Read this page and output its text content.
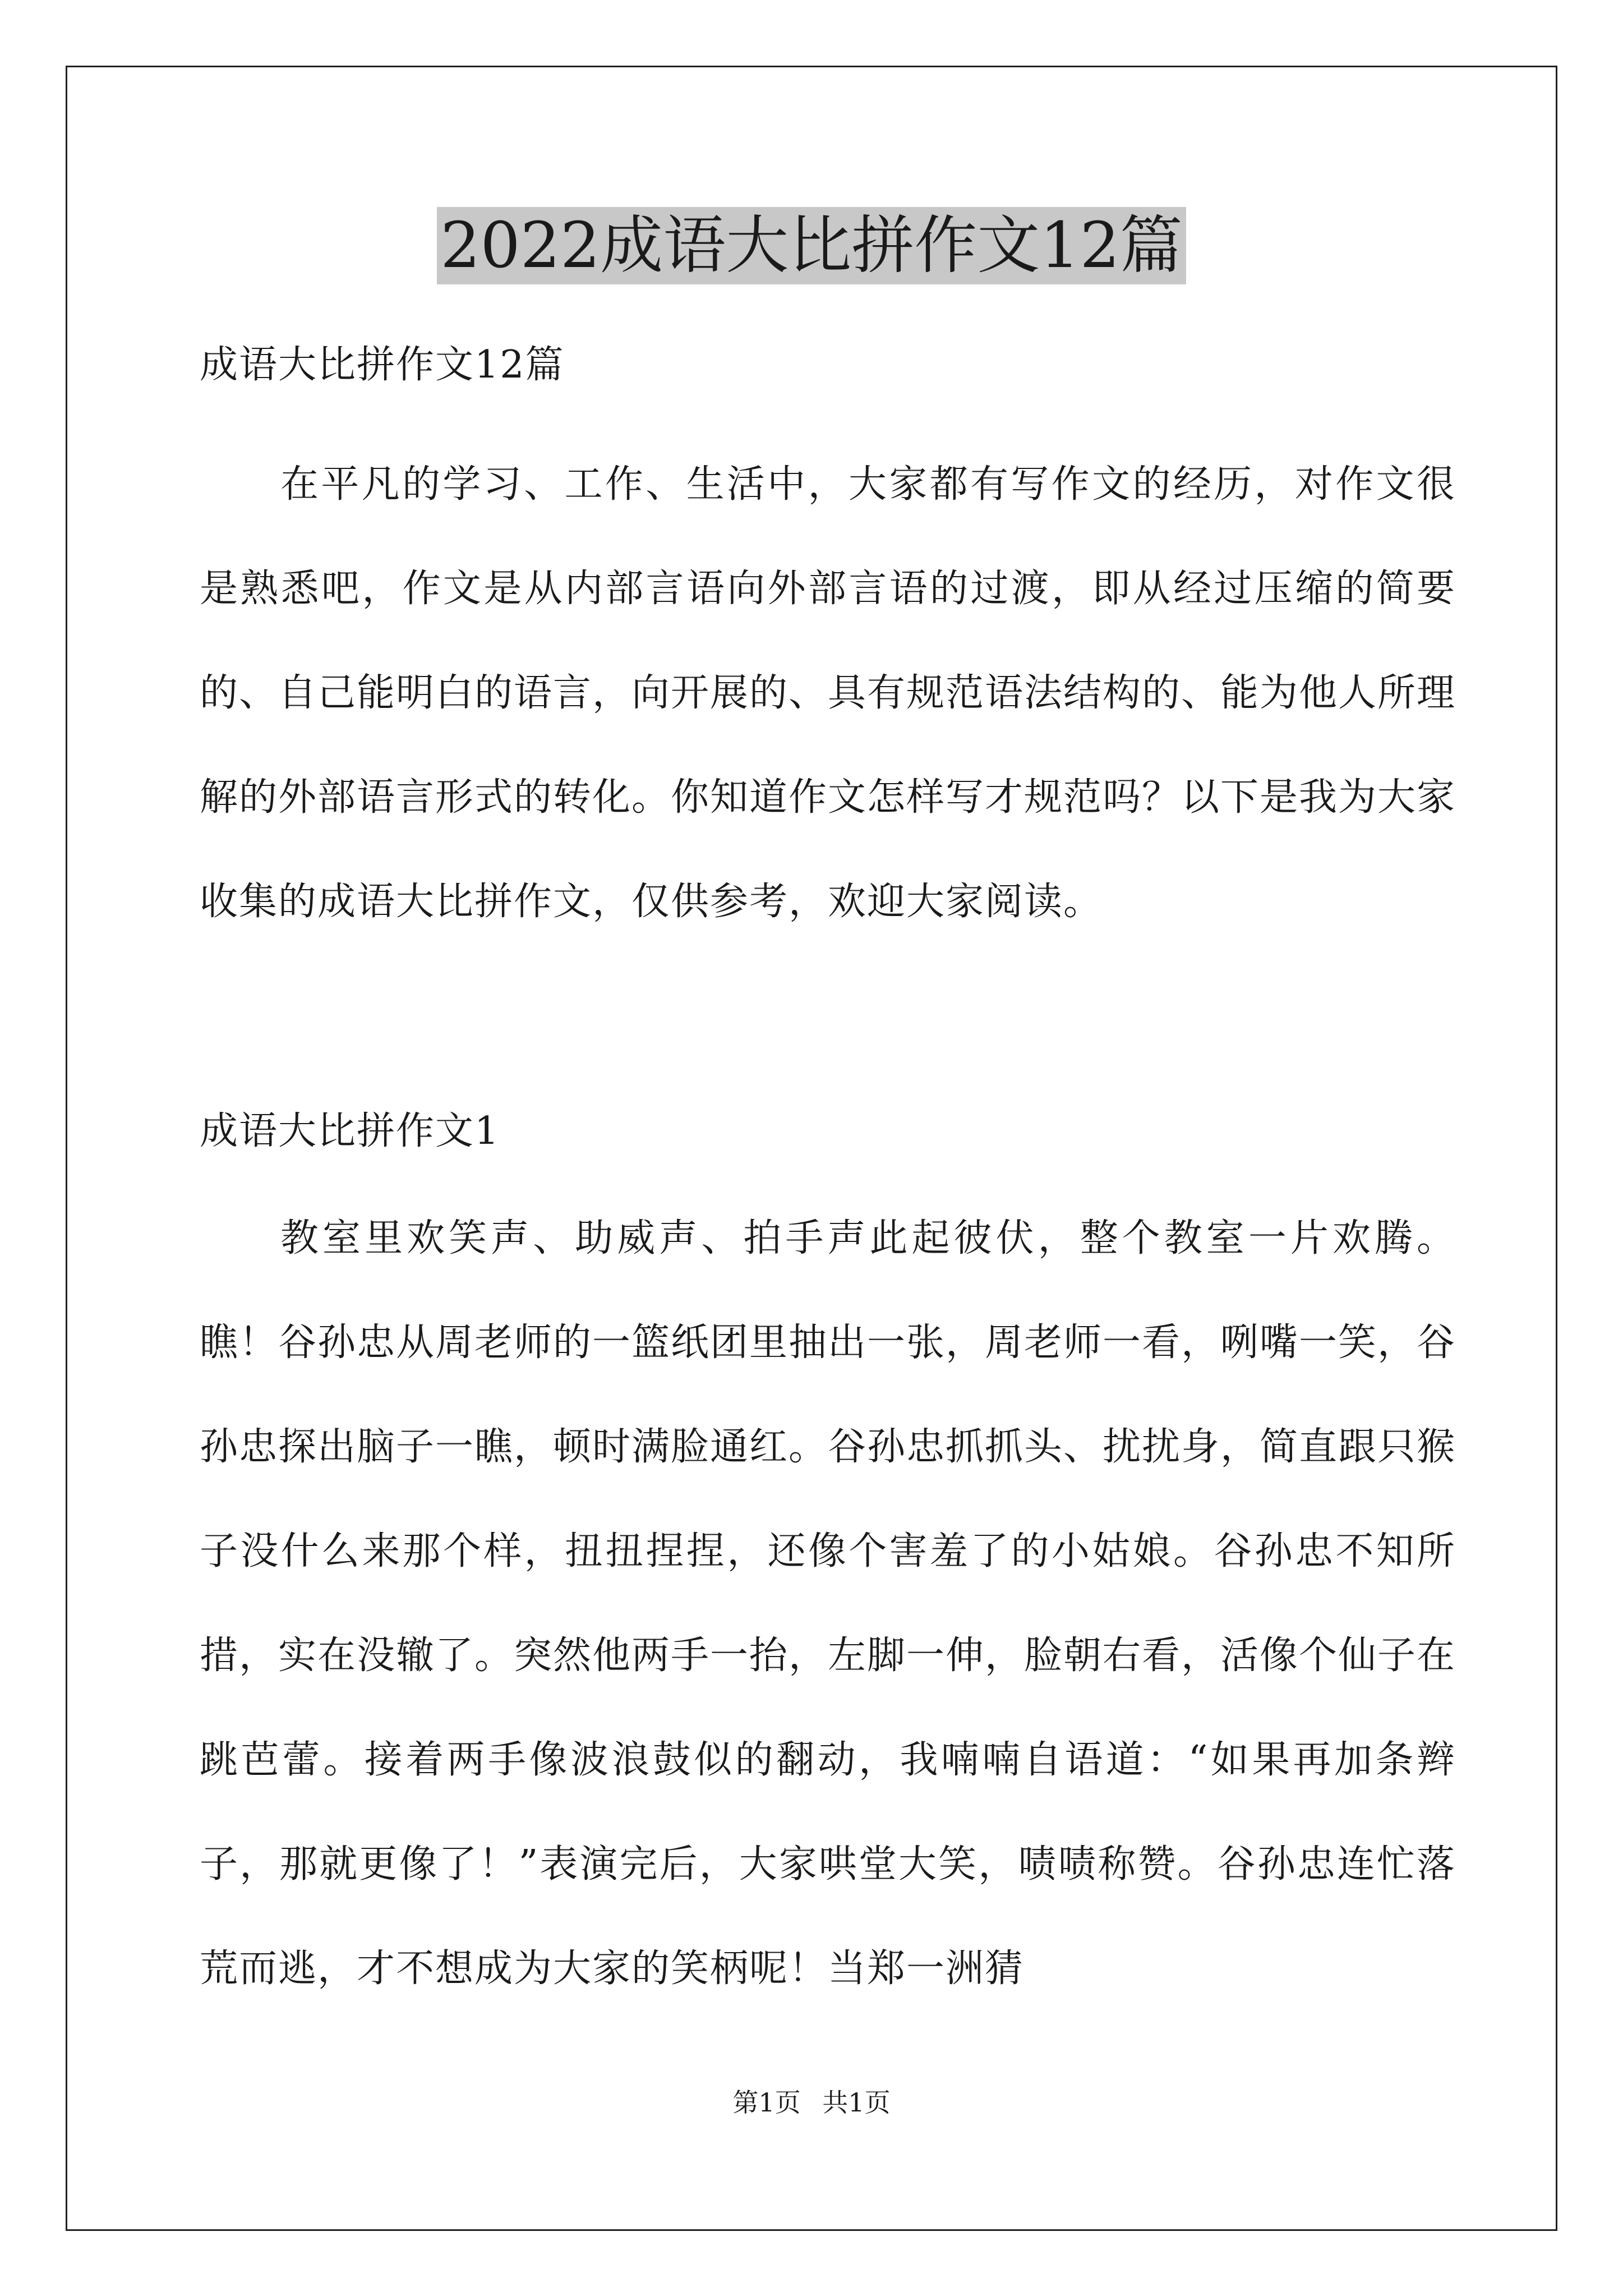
2022成语大比拼作文12篇

成语大比拼作文12篇

在平凡的学习、工作、生活中，大家都有写作文的经历，对作文很是熟悉吧，作文是从内部言语向外部言语的过渡，即从经过压缩的简要的、自己能明白的语言，向开展的、具有规范语法结构的、能为他人所理解的外部语言形式的转化。你知道作文怎样写才规范吗？以下是我为大家收集的成语大比拼作文，仅供参考，欢迎大家阅读。

成语大比拼作文1

教室里欢笑声、助威声、拍手声此起彼伏，整个教室一片欢腾。瞧！谷孙忠从周老师的一篮纸团里抽出一张，周老师一看，咧嘴一笑，谷孙忠探出脑子一瞧，顿时满脸通红。谷孙忠抓抓头、扰扰身，简直跟只猴子没什么来那个样，扭扭捏捏，还像个害羞了的小姑娘。谷孙忠不知所措，实在没辙了。突然他两手一抬，左脚一伸，脸朝右看，活像个仙子在跳芭蕾。接着两手像波浪鼓似的翻动，我喃喃自语道：“如果再加条辫子，那就更像了！”表演完后，大家哄堂大笑，啧啧称赞。谷孙忠连忙落荒而逃，才不想成为大家的笑柄呢！当郑一洲猜

第1页 共1页
